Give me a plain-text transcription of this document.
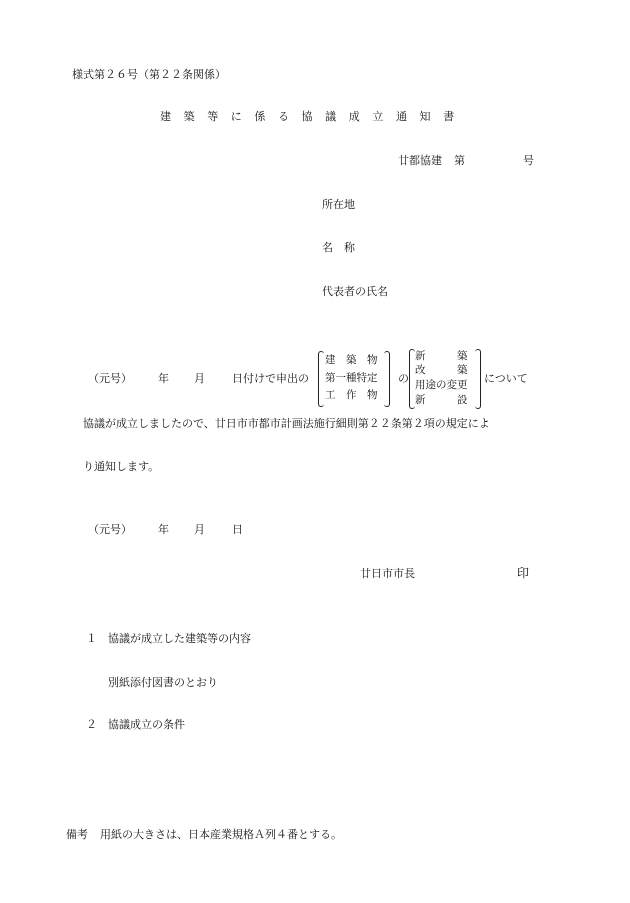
様式第２６号（第２２条関係）
建 築 等 に 係 る 協 議 成 立 通 知 書
廿都協建 第	号
所在地
名　称
代表者の氏名
（元号） 年 月 日付けで申出の
建　築　物
第一種特定
工　作　物
の
新　　　築
改　　　築
用途の変更
新　　　設
について
協議が成立しましたので、廿日市市都市計画法施行細則第２２条第２項の規定によ
り通知します。
（元号） 年 月 日
廿日市市長	印
１ 協議が成立した建築等の内容
別紙添付図書のとおり
２ 協議成立の条件
備考 用紙の大きさは、日本産業規格Ａ列４番とする。
